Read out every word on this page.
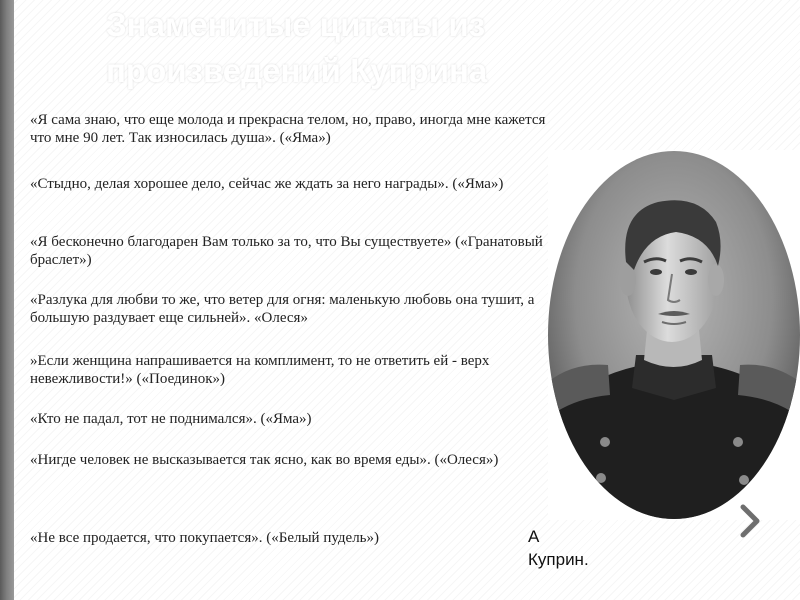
Знаменитые цитаты из произведений Куприна

«Я сама знаю, что еще молода и прекрасна телом, но, право, иногда мне кажется что мне 90 лет. Так износилась душа». («Яма»)

«Стыдно, делая хорошее дело, сейчас же ждать за него награды». («Яма»)

«Я бесконечно благодарен Вам только за то, что Вы существуете» («Гранатовый браслет»)

«Разлука для любви то же, что ветер для огня: маленькую любовь она тушит, а большую раздувает еще сильней». «Олеся»

»Если женщина напрашивается на комплимент, то не ответить ей - верх невежливости!» («Поединок»)

«Кто не падал, тот не поднимался». («Яма»)

«Нигде человек не высказывается так ясно, как во время еды». («Олеся»)

«Не все продается, что покупается». («Белый пудель»)	А
Куприн.
